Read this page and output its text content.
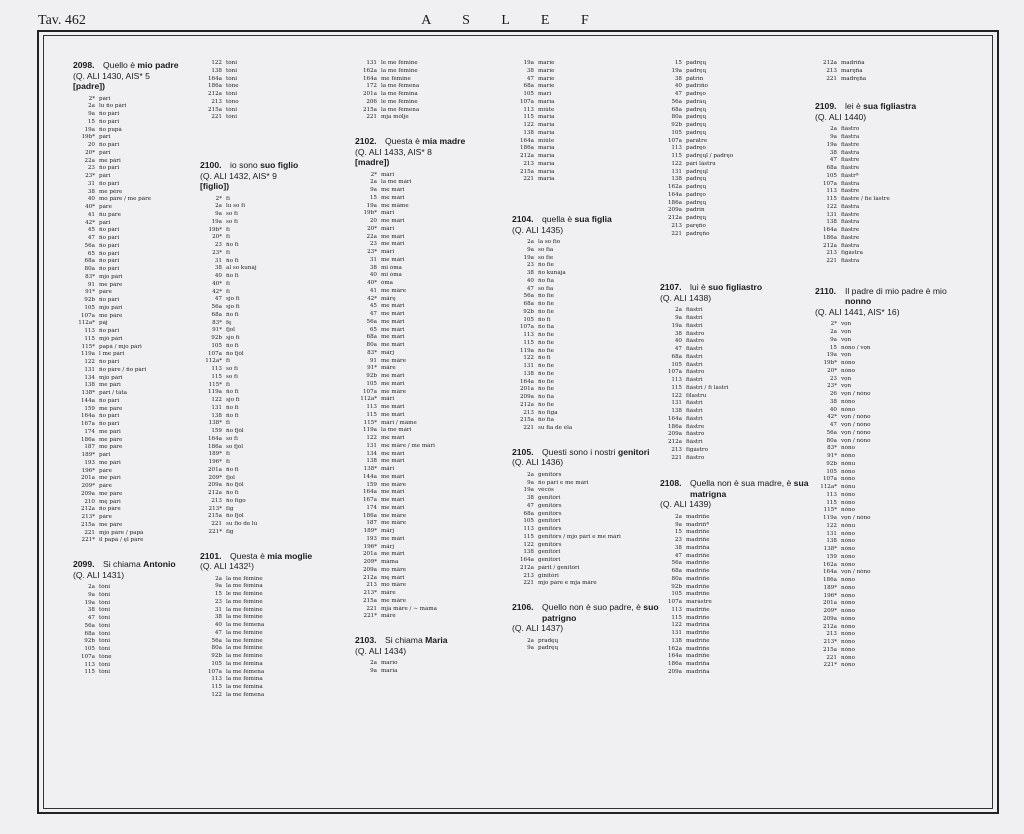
Tav. 462	A S L E F
2098. Quello è mio padre
(Q. ALI 1430, AIS* 5
[padre])
2* pàri
2a lu ño pàri
9a ño pàri
15 ño pàri
19a ño pupà
19b* pàri
20 ño pàri
20* pàri
22a me pàri
23 ño pàri
23* pàri
31 ño pàri
38 me pére
40 mo pàre / me pàre
40* pàre
41 ñu pàre
42* pàri
45 ño pàri
47 ño pàri
56a ño pàri
65 ño pàri
68a ño pàri
80a ño pàri
83* mjo pàri
91 me pàre
91* pàre
92b ño pàri
105 mjo pàri
107a me pàre
112a* pàj
113 ño pàri
115 mjò pàri
115* papà / mjo pàri
119a l me pàri
122 ño pàri
131 ño pàre / ño pàri
134 mjo pàri
138 me pàri
138* pàri / tàta
144a ño pàri
159 me pàre
164a ño pàri
167a ño pàri
174 me pàri
186a me pàre
187 me pàre
189* pàri
193 me pàri
196* pàre
201a me pàri
209* pàre
209a me pàre
210 mę pàri
212a ño pàre
213* pàre
215a me pàre
221 mjo pàre / papà
221* il papà / ęl pàre
2099. Si chiama Antonio
(Q. ALI 1431)
2a tòni
9a tòni
19a tòni
38 tòni
47 tòni
56a tòni
68a tòni
92b tòni
105 tòni
107a tòne
113 tòni
115 tòni
122 tòni
138 tòni
164a tòni
186a tòne
212a tòni
213 tòno
215a tòni
221 tòni
2100. io sono suo figlio
(Q. ALI 1432, AIS* 9
[figlio])
2* fì
2a lu so fì
9a so fì
19a so fì
19b* fì
20* fì
23 ño fì
23* fì
31 ño fì
38 al so kunàj
40 ño fì
40* fì
42* fì
47 sjo fì
56a sjo fì
68a ño fì
83* fę
91* fjol
92b sjo fì
105 ño fì
107a ño fjòl
112a* fì
113 so fì
115 so fì
115* fì
119a ño fì
122 sjo fì
131 ño fì
138 ño fì
138* fì
159 ño fjòl
164a so fì
186a so fjòl
189* fì
196* fì
201a ño fì
209* fjol
209a ño fjòl
212a ño fì
213 ño fìgo
213* fìg
215a ño fjòl
221 su fìo de lù
221* fìg
2101. Questa è mia moglie
(Q. ALI 1432¹)
2a la me fèmine
9a la me fèmina
15 le me fèmine
23 la me fèmine
31 la me fèmine
38 la me fèmine
40 la me fèmena
47 la me fèmine
56a la me fèmine
80a la me fèmine
92b la me fèmine
105 la me fèmina
107a la me fèmena
113 la me fèmina
115 la me fèmina
122 la me fèmena
131 le me fèmine
162a la me fèmine
164a me fèmine
172 la me fèmena
201a la me fèmina
206 le me fèmine
215a la me fèmena
221 mja mòlje
2102. Questa è mia madre
(Q. ALI 1433, AIS* 8
[madre])
2* mári
2a la me mári
9a me mári
15 me mári
19a me mâme
19b* mári
20 me mári
20* mári
22a me mári
23 me mári
23* mári
31 me mári
38 mi òma
40 mi òma
40* òma
41 me mâre
42* mârę
45 me mári
47 me mári
56a me mári
65 me mári
68a me mári
80a me mári
83* mârj
91 me mâre
91* mâre
92b me mári
105 me mári
107a me mâre
112a* mâri
113 me mári
115 me mári
115* mâri / mâme
119a la me mári
122 me mári
131 me mâre / me mári
134 me mári
138 me mári
138* mâri
144a me mári
159 me mâre
164a me mári
167a me mári
174 me mári
186a me mâre
187 me mâre
189* mârj
193 me mári
196* mârj
201a me mári
209* màma
209a mo mâre
212a mę mári
213 mo mâre
213* mâre
215a me mâre
221 mja mâre / ∼ màma
221* mâre
2103. Si chiama Maria
(Q. ALI 1434)
2a marìo
9a marìa
19a marìe
38 marìe
47 marìe
68a marìe
105 marì
107a marìa
113 mìùte
115 marìa
122 marìa
138 marìa
164a mìùte
186a marìa
212a marìa
213 marìa
215a marìa
221 marìa
2104. quella è sua figlia
(Q. ALI 1435)
2a la so fìo
9a so fìa
19a so fìe
23 ño fìe
38 ño kunàja
40 ño fìa
47 so fìa
56a ño fìe
68a ño fìe
92b ño fìe
105 ño fì
107a ño fìa
113 ño fìe
115 ño fìe
119a ño fìe
122 ño fì
131 ño fìe
138 ño fìe
164a ño fìe
201a ño fìe
209a ño fìa
212a ño fìe
213 ño fìga
215a ño fìa
221 su fia de éla
2105. Questi sono i nostri genitori
(Q. ALI 1436)
2a ǵenitòrs
9a ño pàri e me mári
19a vècòs
38 ǵenitòri
47 ǵenitòrs
68a ǵenitòrs
105 ǵenitòri
113 ǵenitòrs
115 ǵenitòrs / mjo pàri e me mári
122 ǵenitòrs
138 ǵenitòri
164a ǵenitòri
212a pàrit / ǵenitòri
213 ǵinitòri
221 mjo pàre e mja mâre
2106. Quello non è suo padre, è suo patrigno
(Q. ALI 1437)
2a pradęų
9a padręų
15 padręų
19a padręų
38 pàtrin
40 padrìño
47 padręo
56a padràų
68a padręų
80a padręų
92b padręų
105 padręų
107a paràtre
113 padręo
115 padręųl / padręo
122 pàri làstru
131 padręųl
138 padręų
162a padręų
164a padręo
186a padręų
209a padrìn
212a padręų
213 paręño
221 padręño
2107. lui è suo figliastro
(Q. ALI 1438)
2a fiàstri
9a fiàstri
19a fiàstri
38 fiàstro
40 fiàstre
47 fiàstri
68a fiàstri
105 fiàstri
107a fiàstro
113 fiàstri
115 fiàstri / fì làstri
122 fìlastru
131 fiàstri
138 fiàstri
164a fiàstri
186a fiàstre
209a fiàstro
212a fiàstri
213 fìgàstro
221 fiàstro
2108. Quella non è sua madre, è sua matrigna
(Q. ALI 1439)
2a madrìñe
9a madrìñª
15 madrìñe
23 madrìñe
38 madrìña
47 madrìñe
56a madrìñe
68a madrìñe
80a madrìñe
92b madrìñe
105 madrìñe
107a maràstre
113 madrìñe
115 madrìñe
122 madrìna
131 madrìñe
138 madrìñe
162a madrìñe
164a madrìñe
186a madrìña
209a madrìña
212a madrìña
213 maręña
221 madręña
2109. lei è sua figliastra
(Q. ALI 1440)
2a fiàstro
9a fiàstra
19a fiàstre
38 fiàstra
47 fiàstre
68a fiàstre
105 fiàstrª
107a fiàstra
113 fiàstre
115 fiàstre / fìe làstre
122 fiàstra
131 fiàstre
138 fiàstra
164a fiàstre
186a fiàstre
212a fiàstra
213 fìgàstra
221 fiàstra
2110. Il padre di mio padre è mio nonno
(Q. ALI 1441, AIS* 16)
2* vọn
2a vọn
9a vọn
15 nòno / vọn
19a vọn
19b* nòno
20* nòno
23 vọn
23* vọn
26 vọn / nòno
38 nòno
40 nòno
42* vọn / nòno
47 vọn / nòno
56a vọn / nòno
80a vọn / nòno
83* nòno
91* nòno
92b nònu
105 nòno
107a nòno
112a* nònu
113 nòno
115 nòno
115* nòno
119a vọn / nòno
122 nònu
131 nòno
138 nòno
138* nòno
159 nòno
162a nòno
164a vọn / nòno
186a nòno
189* nòno
196* nòno
201a nòno
209* nòno
209a nòno
212a nòno
213 nòno
213* nòno
215a nòno
221 nòno
221* nòno
